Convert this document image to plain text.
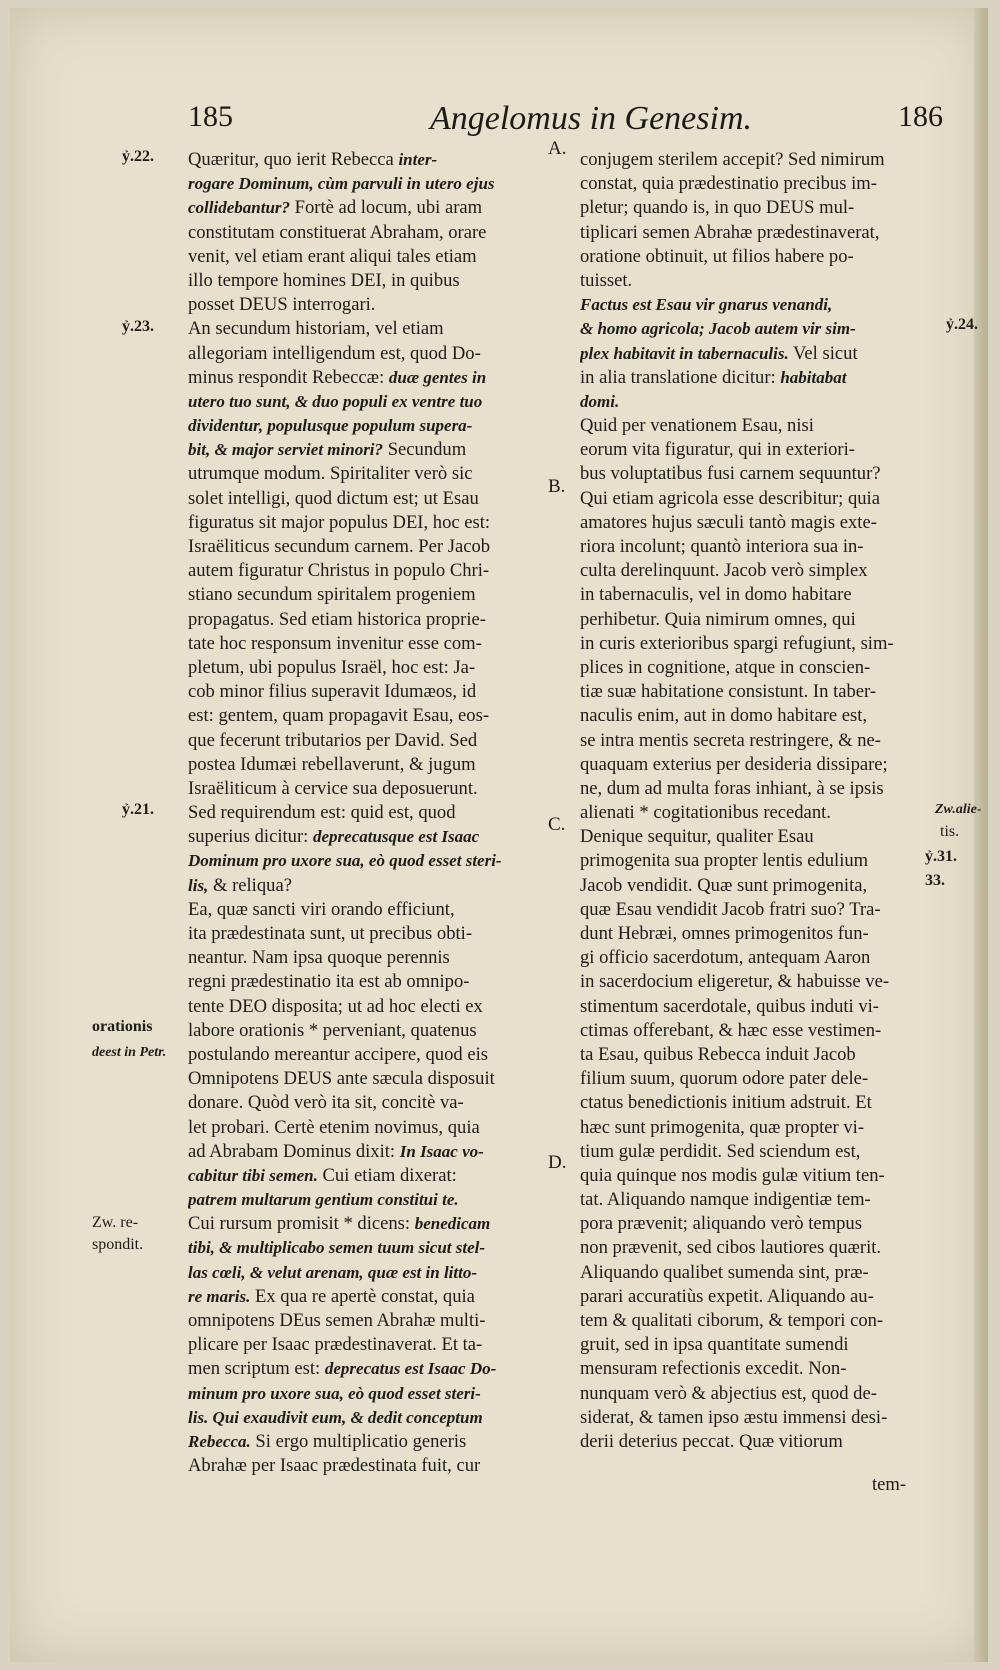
185	Angelomus in Genesim.	186
Quæritur, quo ierit Rebecca inter-
rogare Dominum, cùm parvuli in utero ejus
collidebantur? Fortè ad locum, ubi aram
constitutam constituerat Abraham, orare
venit, vel etiam erant aliqui tales etiam
illo tempore homines DEI, in quibus
posset DEUS interrogari.
An secundum historiam, vel etiam
allegoriam intelligendum est, quod Do-
minus respondit Rebeccæ: duæ gentes in
utero tuo sunt, & duo populi ex ventre tuo
dividentur, populusque populum supera-
bit, & major serviet minori? Secundum
utrumque modum. Spiritaliter verò sic
solet intelligi, quod dictum est; ut Esau
figuratus sit major populus DEI, hoc est:
Israëliticus secundum carnem. Per Jacob
autem figuratur Christus in populo Chri-
stiano secundum spiritalem progeniem
propagatus. Sed etiam historica proprie-
tate hoc responsum invenitur esse com-
pletum, ubi populus Israël, hoc est: Ja-
cob minor filius superavit Idumæos, id
est: gentem, quam propagavit Esau, eos-
que fecerunt tributarios per David. Sed
postea Idumæi rebellaverunt, & jugum
Israëliticum à cervice sua deposuerunt.
Sed requirendum est: quid est, quod
superius dicitur: deprecatusque est Isaac
Dominum pro uxore sua, eò quod esset steri-
lis, & reliqua?
Ea, quæ sancti viri orando efficiunt,
ita prædestinata sunt, ut precibus obti-
neantur. Nam ipsa quoque perennis
regni prædestinatio ita est ab omnipo-
tente DEO disposita; ut ad hoc electi ex
labore orationis * perveniant, quatenus
postulando mereantur accipere, quod eis
Omnipotens DEUS ante sæcula disposuit
donare. Quòd verò ita sit, concitè va-
let probari. Certè etenim novimus, quia
ad Abrabam Dominus dixit: In Isaac vo-
cabitur tibi semen. Cui etiam dixerat:
patrem multarum gentium constitui te.
Cui rursum promisit * dicens: benedicam
tibi, & multiplicabo semen tuum sicut stel-
las cœli, & velut arenam, quæ est in litto-
re maris. Ex qua re apertè constat, quia
omnipotens DEus semen Abrahæ multi-
plicare per Isaac prædestinaverat. Et ta-
men scriptum est: deprecatus est Isaac Do-
minum pro uxore sua, eò quod esset steri-
lis. Qui exaudivit eum, & dedit conceptum
Rebecca. Si ergo multiplicatio generis
Abrahæ per Isaac prædestinata fuit, cur
conjugem sterilem accepit? Sed nimirum
constat, quia prædestinatio precibus im-
pletur; quando is, in quo DEUS mul-
tiplicari semen Abrahæ prædestinaverat,
oratione obtinuit, ut filios habere po-
tuisset.
Factus est Esau vir gnarus venandi,
& homo agricola; Jacob autem vir sim-
plex habitavit in tabernaculis. Vel sicut
in alia translatione dicitur: habitabat
domi.
Quid per venationem Esau, nisi
eorum vita figuratur, qui in exteriori-
bus voluptatibus fusi carnem sequuntur?
Qui etiam agricola esse describitur; quia
amatores hujus sæculi tantò magis exte-
riora incolunt; quantò interiora sua in-
culta derelinquunt. Jacob verò simplex
in tabernaculis, vel in domo habitare
perhibetur. Quia nimirum omnes, qui
in curis exterioribus spargi refugiunt, sim-
plices in cognitione, atque in conscien-
tiæ suæ habitatione consistunt. In taber-
naculis enim, aut in domo habitare est,
se intra mentis secreta restringere, & ne-
quaquam exterius per desideria dissipare;
ne, dum ad multa foras inhiant, à se ipsis
alienati * cogitationibus recedant.
Denique sequitur, qualiter Esau
primogenita sua propter lentis edulium
Jacob vendidit. Quæ sunt primogenita,
quæ Esau vendidit Jacob fratri suo? Tra-
dunt Hebræi, omnes primogenitos fun-
gi officio sacerdotum, antequam Aaron
in sacerdocium eligeretur, & habuisse ve-
stimentum sacerdotale, quibus induti vi-
ctimas offerebant, & hæc esse vestimen-
ta Esau, quibus Rebecca induit Jacob
filium suum, quorum odore pater dele-
ctatus benedictionis initium adstruit. Et
hæc sunt primogenita, quæ propter vi-
tium gulæ perdidit. Sed sciendum est,
quia quinque nos modis gulæ vitium ten-
tat. Aliquando namque indigentiæ tem-
pora prævenit; aliquando verò tempus
non prævenit, sed cibos lautiores quærit.
Aliquando qualibet sumenda sint, præ-
parari accuratiùs expetit. Aliquando au-
tem & qualitati ciborum, & tempori con-
gruit, sed in ipsa quantitate sumendi
mensuram refectionis excedit. Non-
nunquam verò & abjectius est, quod de-
siderat, & tamen ipso æstu immensi desi-
derii deterius peccat. Quæ vitiorum
A.
B.
C.
D.
ỷ.22.
ỷ.23.
ỷ.21.
orationis
deest in Petr.
Zw. re-
spondit.
ỷ.24.
Zw.alie-
tis.
ỷ.31.
33.
tem-
